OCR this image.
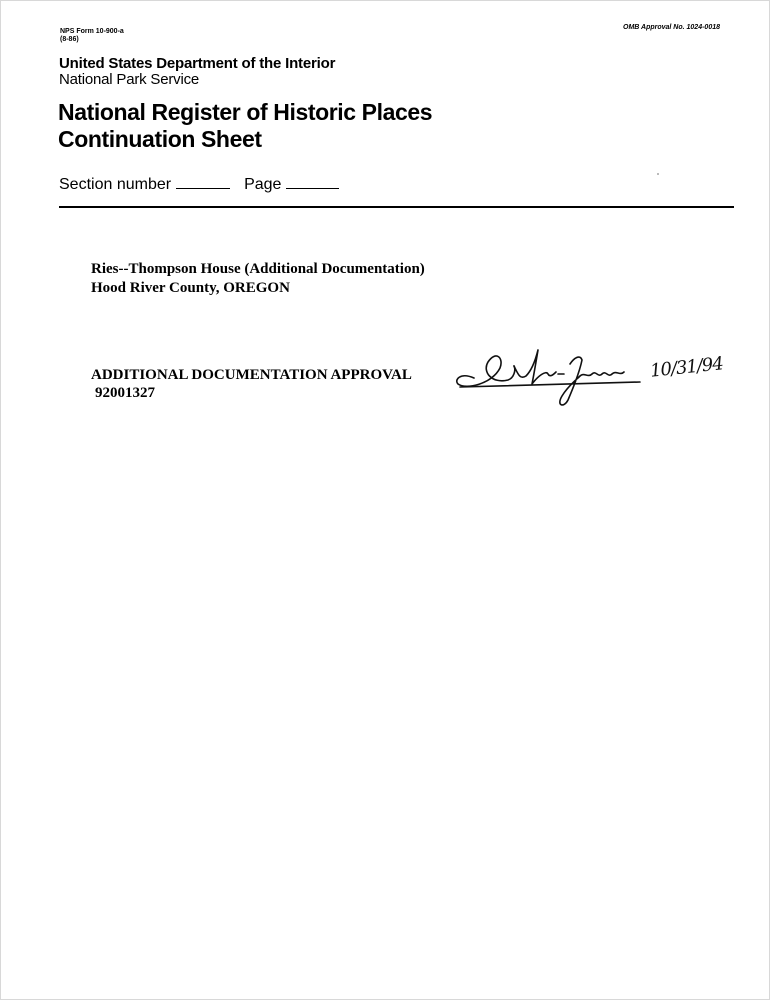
NPS Form 10-900-a
(8-86)
OMB Approval No. 1024-0018
United States Department of the Interior
National Park Service
National Register of Historic Places
Continuation Sheet
Section number	Page
Ries--Thompson House (Additional Documentation)
Hood River County, OREGON
ADDITIONAL DOCUMENTATION APPROVAL
92001327
10/31/94
